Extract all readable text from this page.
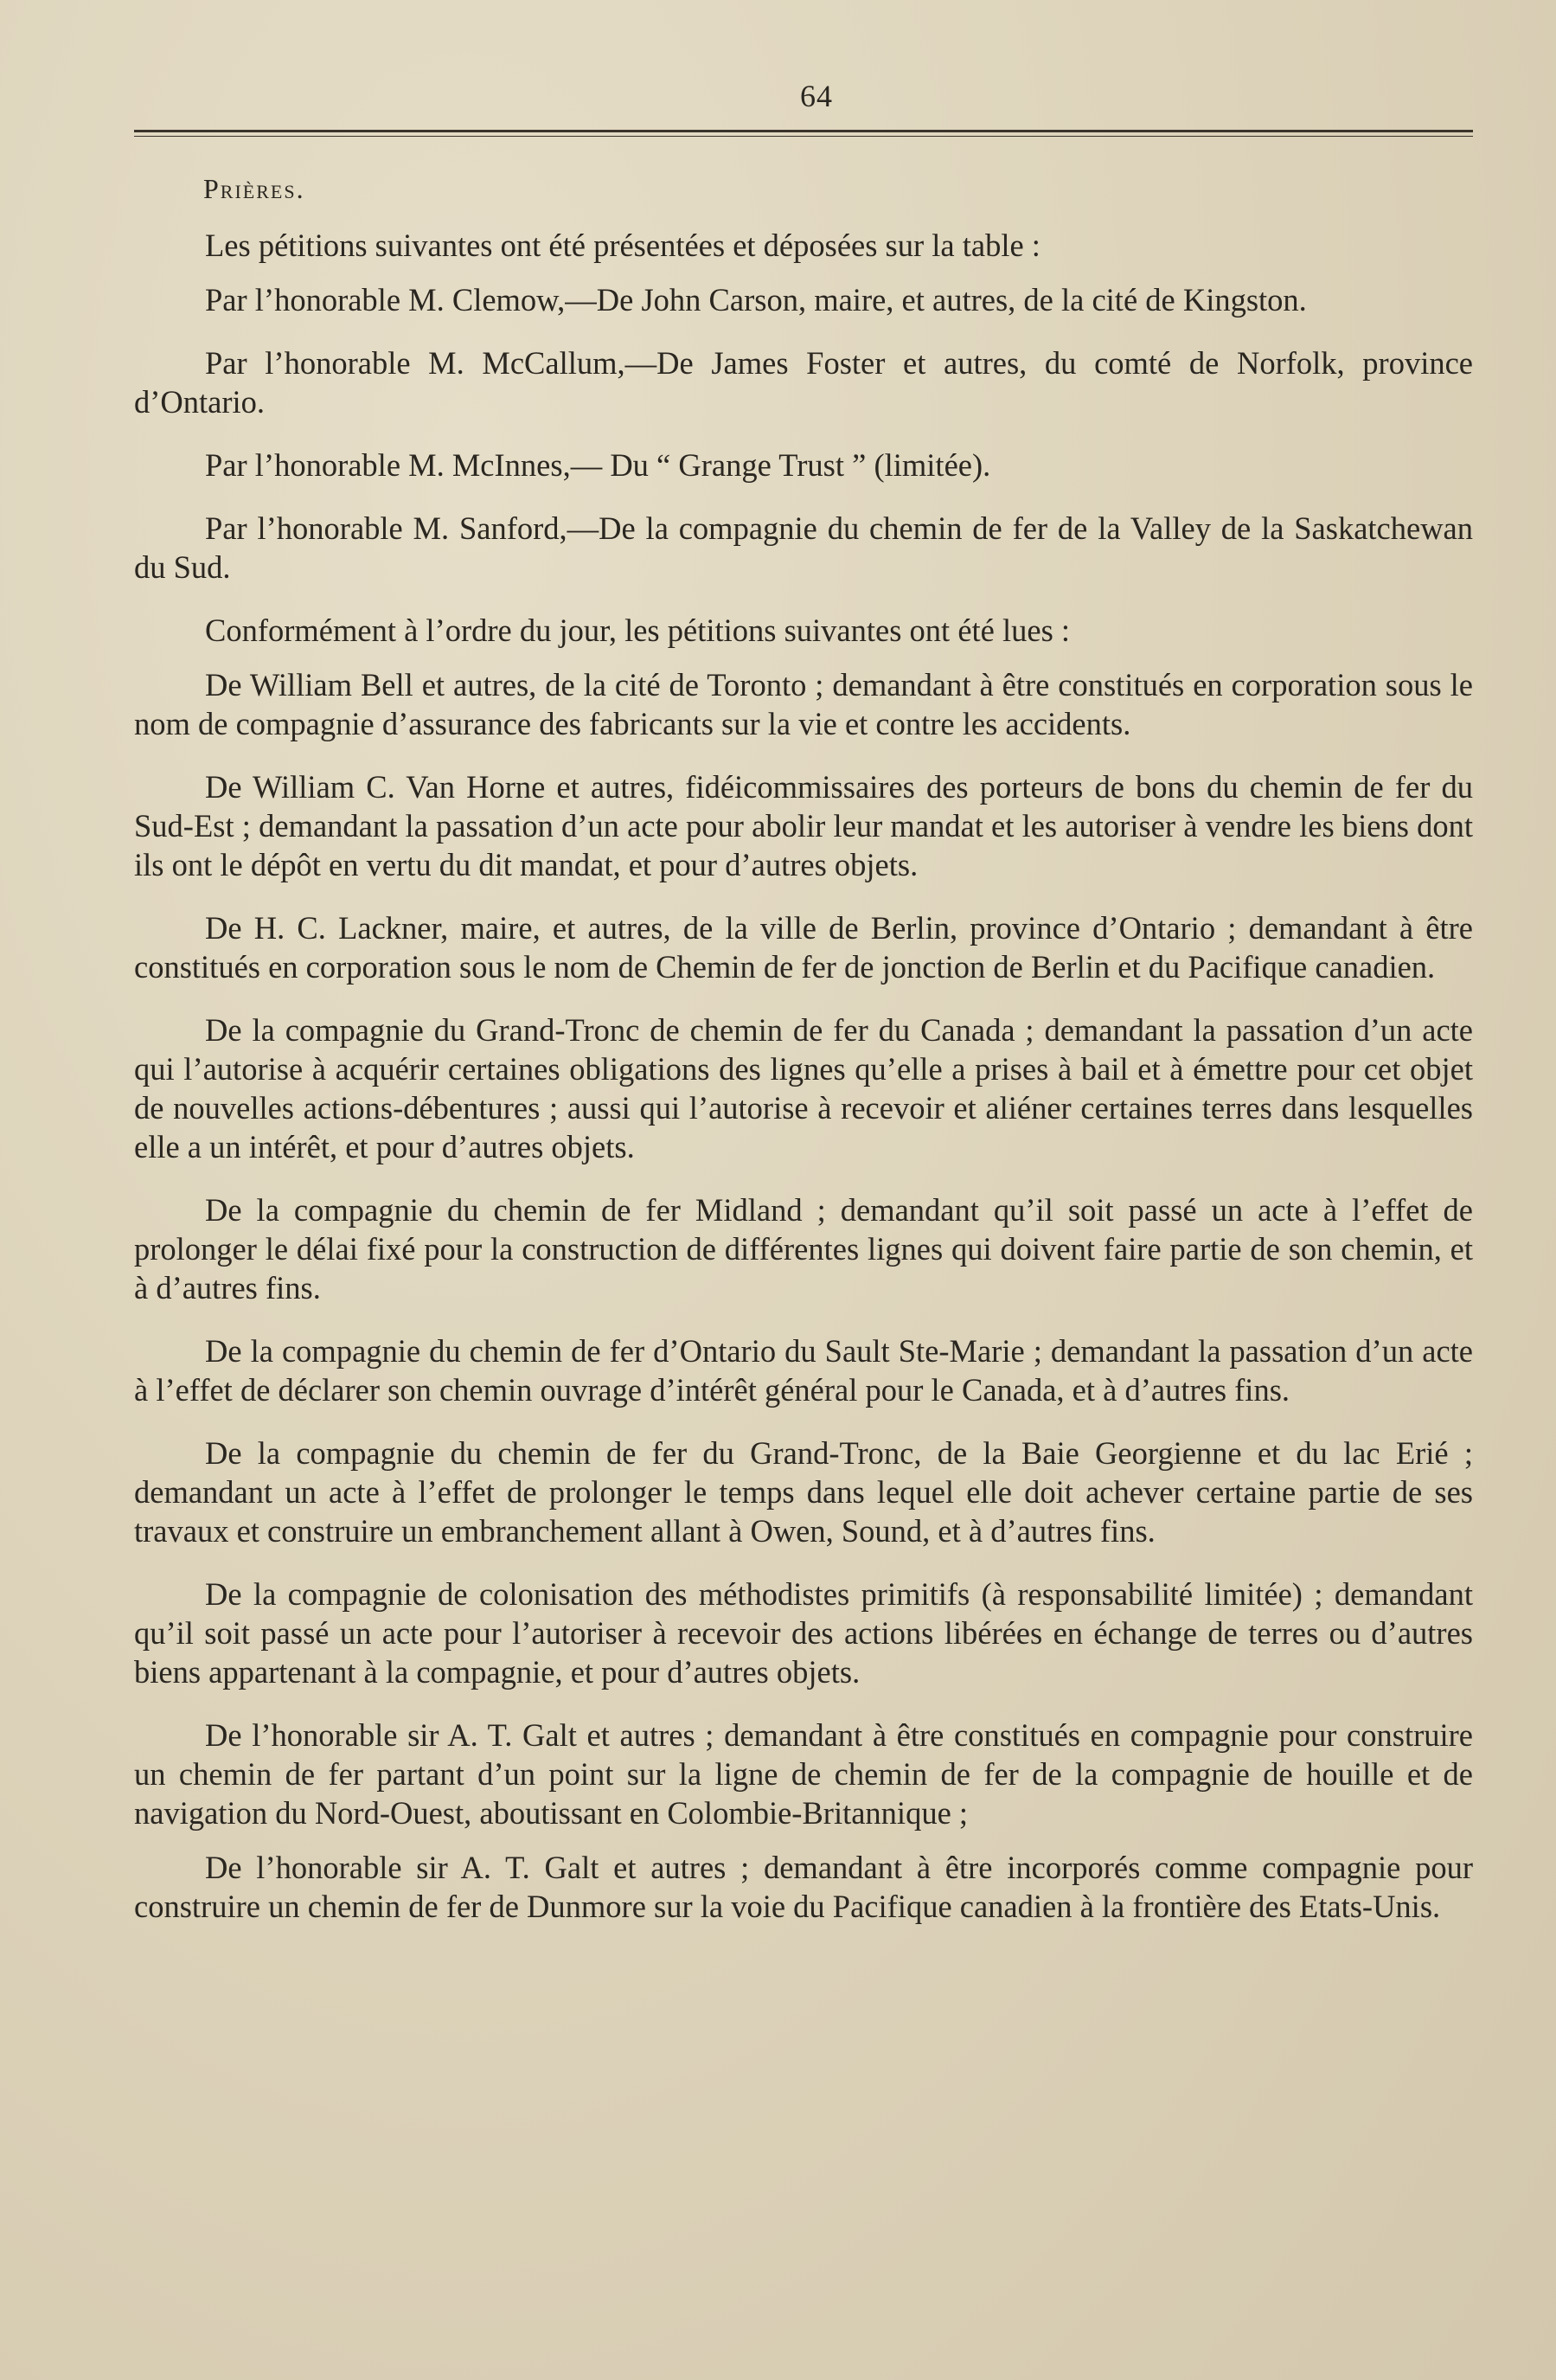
64
Prières.

Les pétitions suivantes ont été présentées et déposées sur la table :

Par l’honorable M. Clemow,—De John Carson, maire, et autres, de la cité de Kingston.

Par l’honorable M. McCallum,—De James Foster et autres, du comté de Norfolk, province d’Ontario.

Par l’honorable M. McInnes,— Du “ Grange Trust ” (limitée).

Par l’honorable M. Sanford,—De la compagnie du chemin de fer de la Valley de la Saskatchewan du Sud.

Conformément à l’ordre du jour, les pétitions suivantes ont été lues :

De William Bell et autres, de la cité de Toronto ; demandant à être constitués en corporation sous le nom de compagnie d’assurance des fabricants sur la vie et contre les accidents.

De William C. Van Horne et autres, fidéicommissaires des porteurs de bons du chemin de fer du Sud-Est ; demandant la passation d’un acte pour abolir leur mandat et les autoriser à vendre les biens dont ils ont le dépôt en vertu du dit mandat, et pour d’autres objets.

De H. C. Lackner, maire, et autres, de la ville de Berlin, province d’Ontario ; demandant à être constitués en corporation sous le nom de Chemin de fer de jonction de Berlin et du Pacifique canadien.

De la compagnie du Grand-Tronc de chemin de fer du Canada ; demandant la passation d’un acte qui l’autorise à acquérir certaines obligations des lignes qu’elle a prises à bail et à émettre pour cet objet de nouvelles actions-débentures ; aussi qui l’autorise à recevoir et aliéner certaines terres dans lesquelles elle a un intérêt, et pour d’autres objets.

De la compagnie du chemin de fer Midland ; demandant qu’il soit passé un acte à l’effet de prolonger le délai fixé pour la construction de différentes lignes qui doivent faire partie de son chemin, et à d’autres fins.

De la compagnie du chemin de fer d’Ontario du Sault Ste-Marie ; demandant la passation d’un acte à l’effet de déclarer son chemin ouvrage d’intérêt général pour le Canada, et à d’autres fins.

De la compagnie du chemin de fer du Grand-Tronc, de la Baie Georgienne et du lac Erié ; demandant un acte à l’effet de prolonger le temps dans lequel elle doit achever certaine partie de ses travaux et construire un embranchement allant à Owen, Sound, et à d’autres fins.

De la compagnie de colonisation des méthodistes primitifs (à responsabilité limitée) ; demandant qu’il soit passé un acte pour l’autoriser à recevoir des actions libérées en échange de terres ou d’autres biens appartenant à la compagnie, et pour d’autres objets.

De l’honorable sir A. T. Galt et autres ; demandant à être constitués en compagnie pour construire un chemin de fer partant d’un point sur la ligne de chemin de fer de la compagnie de houille et de navigation du Nord-Ouest, aboutissant en Colombie-Britannique ;

De l’honorable sir A. T. Galt et autres ; demandant à être incorporés comme compagnie pour construire un chemin de fer de Dunmore sur la voie du Pacifique canadien à la frontière des Etats-Unis.
